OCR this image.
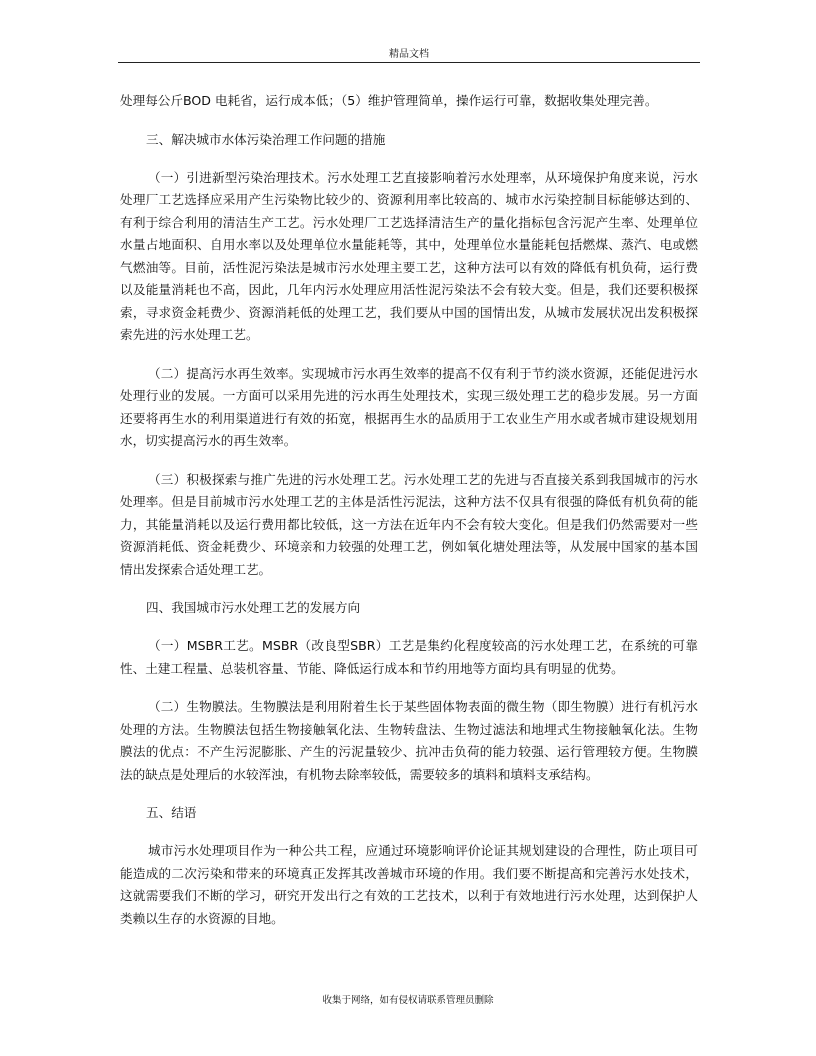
精品文档

处理每公斤BOD 电耗省，运行成本低；（5）维护管理简单，操作运行可靠，数据收集处理完善。

三、解决城市水体污染治理工作问题的措施

（一）引进新型污染治理技术。污水处理工艺直接影响着污水处理率，从环境保护角度来说，污水处理厂工艺选择应采用产生污染物比较少的、资源利用率比较高的、城市水污染控制目标能够达到的、有利于综合利用的清洁生产工艺。污水处理厂工艺选择清洁生产的量化指标包含污泥产生率、处理单位水量占地面积、自用水率以及处理单位水量能耗等，其中，处理单位水量能耗包括燃煤、蒸汽、电或燃气燃油等。目前，活性泥污染法是城市污水处理主要工艺，这种方法可以有效的降低有机负荷，运行费以及能量消耗也不高，因此，几年内污水处理应用活性泥污染法不会有较大变。但是，我们还要积极探索，寻求资金耗费少、资源消耗低的处理工艺，我们要从中国的国情出发，从城市发展状况出发积极探索先进的污水处理工艺。

（二）提高污水再生效率。实现城市污水再生效率的提高不仅有利于节约淡水资源，还能促进污水处理行业的发展。一方面可以采用先进的污水再生处理技术，实现三级处理工艺的稳步发展。另一方面还要将再生水的利用渠道进行有效的拓宽，根据再生水的品质用于工农业生产用水或者城市建设规划用水，切实提高污水的再生效率。

（三）积极探索与推广先进的污水处理工艺。污水处理工艺的先进与否直接关系到我国城市的污水处理率。但是目前城市污水处理工艺的主体是活性污泥法，这种方法不仅具有很强的降低有机负荷的能力，其能量消耗以及运行费用都比较低，这一方法在近年内不会有较大变化。但是我们仍然需要对一些资源消耗低、资金耗费少、环境亲和力较强的处理工艺，例如氧化塘处理法等，从发展中国家的基本国情出发探索合适处理工艺。

四、我国城市污水处理工艺的发展方向

（一）MSBR工艺。MSBR（改良型SBR）工艺是集约化程度较高的污水处理工艺，在系统的可靠性、土建工程量、总装机容量、节能、降低运行成本和节约用地等方面均具有明显的优势。

（二）生物膜法。生物膜法是利用附着生长于某些固体物表面的微生物（即生物膜）进行有机污水处理的方法。生物膜法包括生物接触氧化法、生物转盘法、生物过滤法和地埋式生物接触氧化法。生物膜法的优点：不产生污泥膨胀、产生的污泥量较少、抗冲击负荷的能力较强、运行管理较方便。生物膜法的缺点是处理后的水较浑浊，有机物去除率较低，需要较多的填料和填料支承结构。

五、结语

城市污水处理项目作为一种公共工程，应通过环境影响评价论证其规划建设的合理性，防止项目可能造成的二次污染和带来的环境真正发挥其改善城市环境的作用。我们要不断提高和完善污水处技术，这就需要我们不断的学习，研究开发出行之有效的工艺技术，以利于有效地进行污水处理，达到保护人类赖以生存的水资源的目地。

收集于网络，如有侵权请联系管理员删除
